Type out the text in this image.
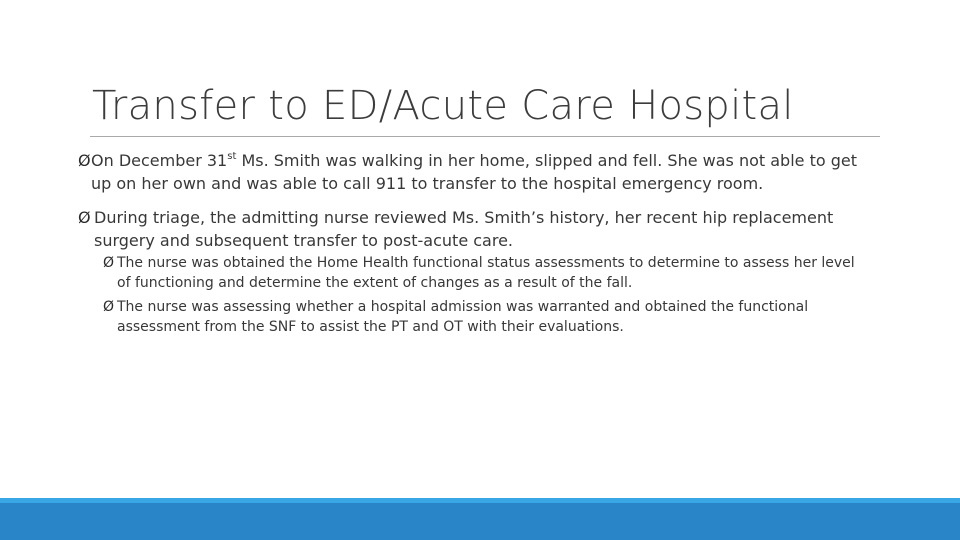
Transfer to ED/Acute Care Hospital
Ø On December 31st Ms. Smith was walking in her home, slipped and fell. She was not able to get up on her own and was able to call 911 to transfer to the hospital emergency room.
Ø During triage, the admitting nurse reviewed Ms. Smith’s history, her recent hip replacement surgery and subsequent transfer to post-acute care.
Ø The nurse was obtained the Home Health functional status assessments to determine to assess her level of functioning and determine the extent of changes as a result of the fall.
Ø The nurse was assessing whether a hospital admission was warranted and obtained the functional assessment from the SNF to assist the PT and OT with their evaluations.
